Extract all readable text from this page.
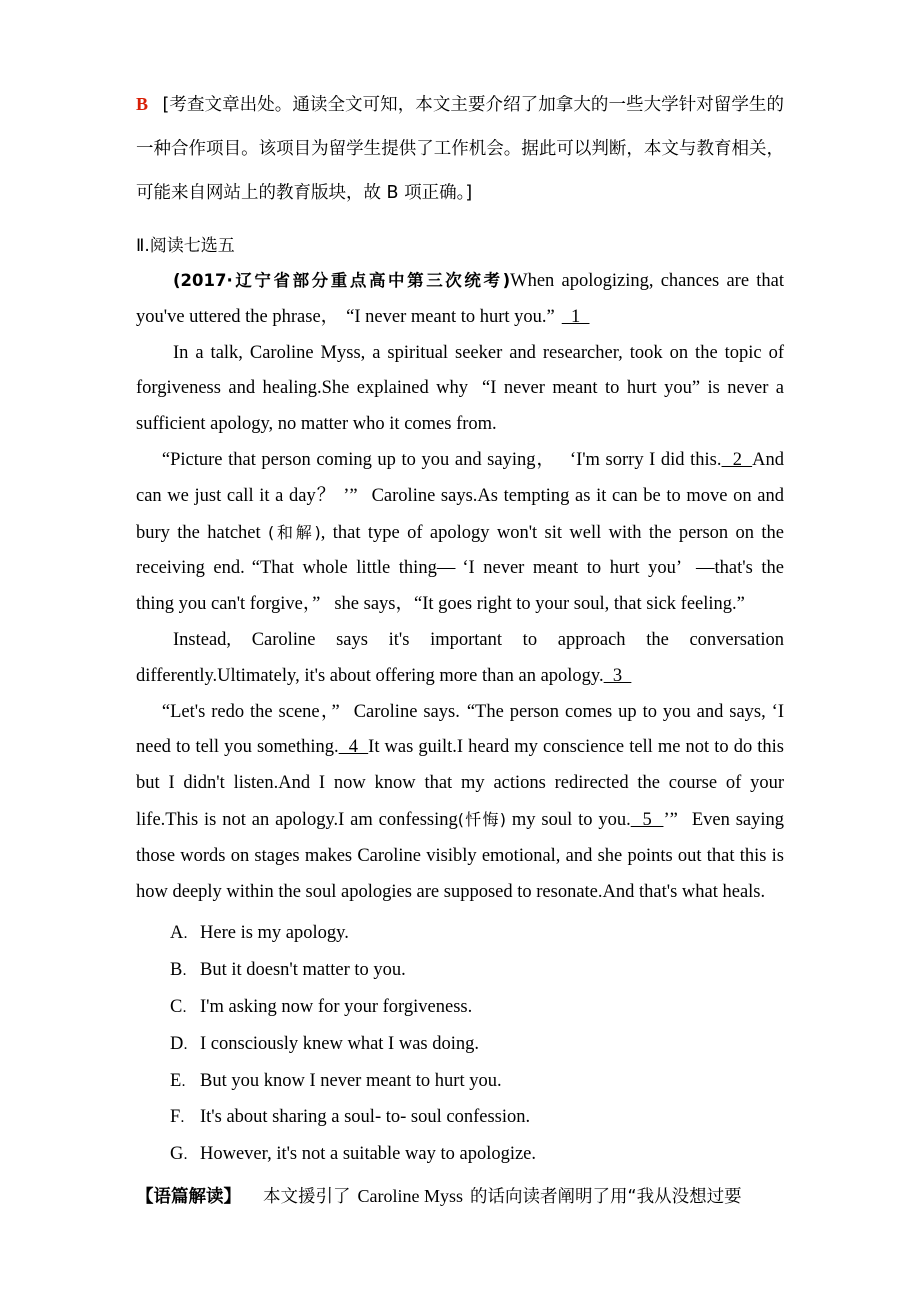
B [考查文章出处。通读全文可知，本文主要介绍了加拿大的一些大学针对留学生的一种合作项目。该项目为留学生提供了工作机会。据此可以判断，本文与教育相关，可能来自网站上的教育版块，故 B 项正确。]
Ⅱ.阅读七选五

(2017·辽宁省部分重点高中第三次统考)When apologizing, chances are that you've uttered the phrase， “I never meant to hurt you.”  1

In a talk, Caroline Myss, a spiritual seeker and researcher, took on the topic of forgiveness and healing.She explained why “I never meant to hurt you” is never a sufficient apology, no matter who it comes from.

“Picture that person coming up to you and saying， ‘I'm sorry I did this.  2  And can we just call it a day？ ’” Caroline says.As tempting as it can be to move on and bury the hatchet (和解), that type of apology won't sit well with the person on the receiving end. “That whole little thing— ‘I never meant to hurt you’ —that's the thing you can't forgive，” she says，“It goes right to your soul, that sick feeling.”

Instead, Caroline says it's important to approach the conversation differently.Ultimately, it's about offering more than an apology.  3

“Let's redo the scene，” Caroline says. “The person comes up to you and says, ‘I need to tell you something.  4  It was guilt.I heard my conscience tell me not to do this but I didn't listen.And I now know that my actions redirected the course of your life.This is not an apology.I am confessing(忏悔) my soul to you.  5  ’” Even saying those words on stages makes Caroline visibly emotional, and she points out that this is how deeply within the soul apologies are supposed to resonate.And that's what heals.

A． Here is my apology.
B． But it doesn't matter to you.
C． I'm asking now for your forgiveness.
D． I consciously knew what I was doing.
E． But you know I never meant to hurt you.
F． It's about sharing a soul- to- soul confession.
G． However, it's not a suitable way to apologize.
【语篇解读】 本文援引了 Caroline Myss 的话向读者阐明了用“我从没想过要
